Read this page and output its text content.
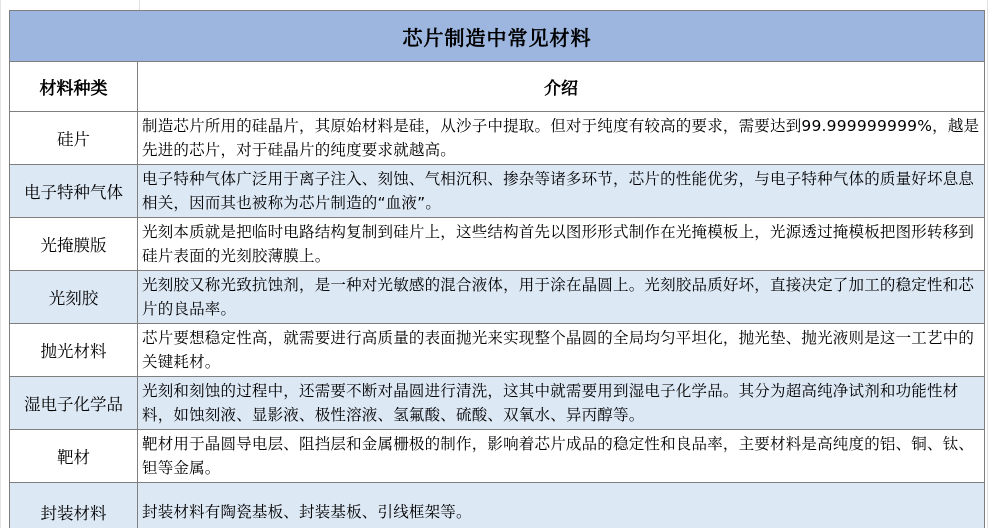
芯片制造中常见材料	
材料种类	介绍
硅片	制造芯片所用的硅晶片，其原始材料是硅，从沙子中提取。但对于纯度有较高的要求，需要达到99.999999999%，越是先进的芯片，对于硅晶片的纯度要求就越高。
电子特种气体	电子特种气体广泛用于离子注入、刻蚀、气相沉积、掺杂等诸多环节，芯片的性能优劣，与电子特种气体的质量好坏息息相关，因而其也被称为芯片制造的“血液”。
光掩膜版	光刻本质就是把临时电路结构复制到硅片上，这些结构首先以图形形式制作在光掩模板上，光源透过掩模板把图形转移到硅片表面的光刻胶薄膜上。
光刻胶	光刻胶又称光致抗蚀剂，是一种对光敏感的混合液体，用于涂在晶圆上。光刻胶品质好坏，直接决定了加工的稳定性和芯片的良品率。
抛光材料	芯片要想稳定性高，就需要进行高质量的表面抛光来实现整个晶圆的全局均匀平坦化，抛光垫、抛光液则是这一工艺中的关键耗材。
湿电子化学品	光刻和刻蚀的过程中，还需要不断对晶圆进行清洗，这其中就需要用到湿电子化学品。其分为超高纯净试剂和功能性材料，如蚀刻液、显影液、极性溶液、氢氟酸、硫酸、双氧水、异丙醇等。
靶材	靶材用于晶圆导电层、阻挡层和金属栅极的制作，影响着芯片成品的稳定性和良品率，主要材料是高纯度的铝、铜、钛、钽等金属。
封装材料	封装材料有陶瓷基板、封装基板、引线框架等。
